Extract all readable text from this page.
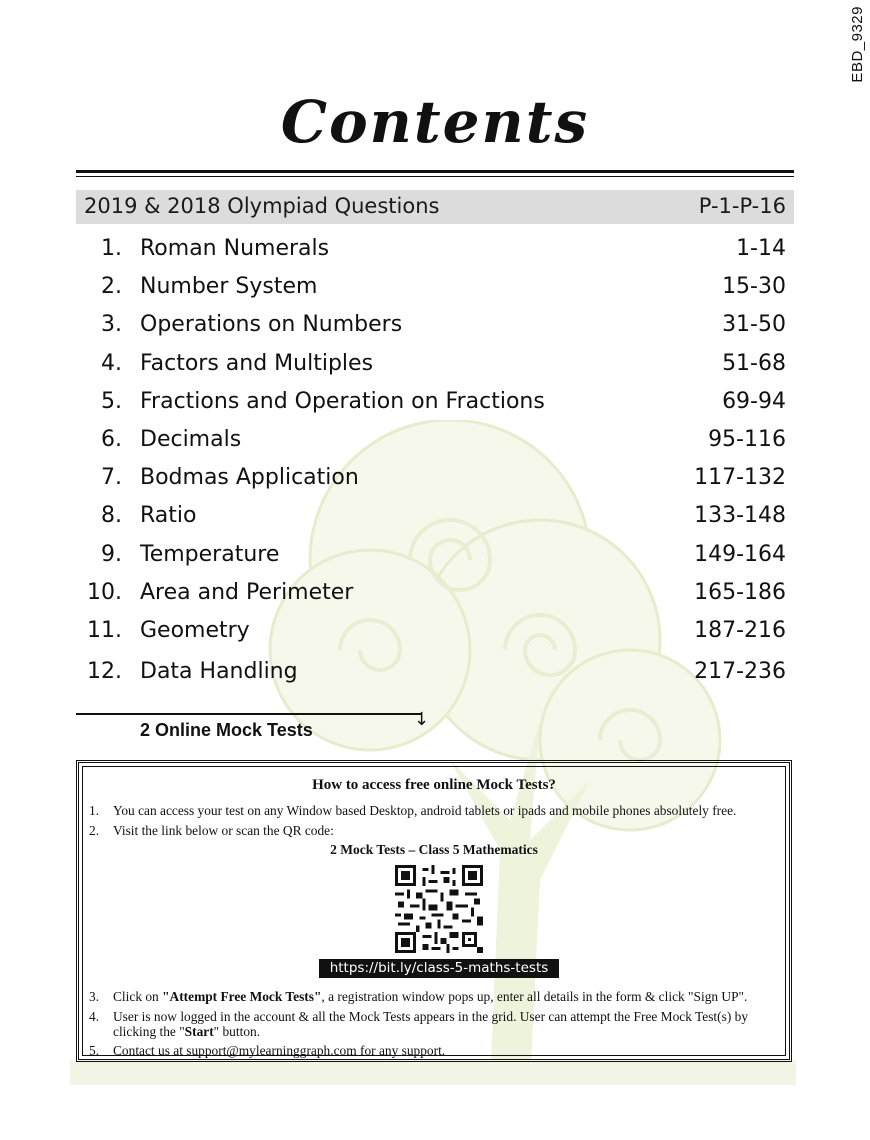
EBD_9329
Contents
2019 & 2018 Olympiad Questions	P-1-P-16
1. Roman Numerals	1-14
2. Number System	15-30
3. Operations on Numbers	31-50
4. Factors and Multiples	51-68
5. Fractions and Operation on Fractions	69-94
6. Decimals	95-116
7. Bodmas Application	117-132
8. Ratio	133-148
9. Temperature	149-164
10. Area and Perimeter	165-186
11. Geometry	187-216
12. Data Handling	217-236
↓
2 Online Mock Tests
How to access free online Mock Tests?
1. You can access your test on any Window based Desktop, android tablets or ipads and mobile phones absolutely free.
2. Visit the link below or scan the QR code:
2 Mock Tests – Class 5 Mathematics
https://bit.ly/class-5-maths-tests
3. Click on "Attempt Free Mock Tests", a registration window pops up, enter all details in the form & click "Sign UP".
4. User is now logged in the account & all the Mock Tests appears in the grid. User can attempt the Free Mock Test(s) by clicking the "Start" button.
5. Contact us at support@mylearninggraph.com for any support.
